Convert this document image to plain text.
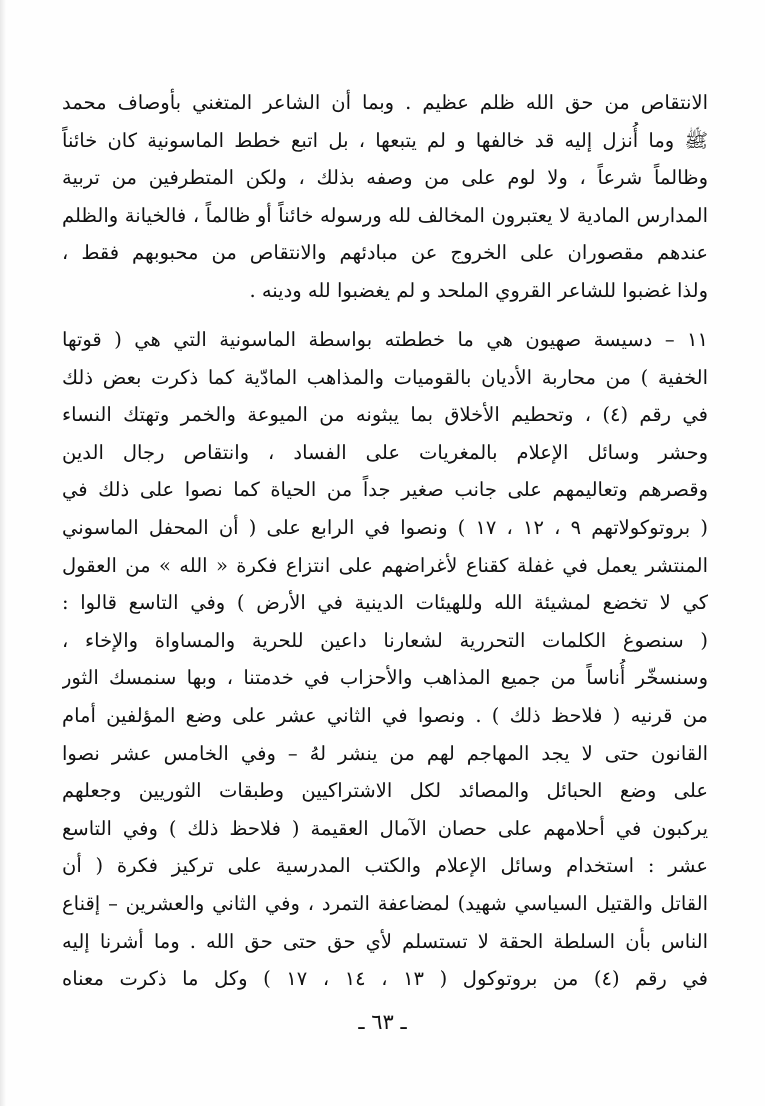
الانتقاص من حق الله ظلم عظيم . وبما أن الشاعر المتغني بأوصاف محمد
ﷺ وما أُنزل إليه قد خالفها و لم يتبعها ، بل اتبع خطط الماسونية كان خائناً
وظالماً شرعاً ، ولا لوم على من وصفه بذلك ، ولكن المتطرفين من تربية
المدارس المادية لا يعتبرون المخالف لله ورسوله خائناً أو ظالماً ، فالخيانة والظلم
عندهم مقصوران على الخروج عن مبادئهم والانتقاص من محبوبهم فقط ،
ولذا غضبوا للشاعر القروي الملحد و لم يغضبوا لله ودينه .
١١ – دسيسة صهيون هي ما خططته بواسطة الماسونية التي هي ( قوتها
الخفية ) من محاربة الأديان بالقوميات والمذاهب المادّية كما ذكرت بعض ذلك
في رقم (٤) ، وتحطيم الأخلاق بما يبثونه من الميوعة والخمر وتهتك النساء
وحشر وسائل الإعلام بالمغريات على الفساد ، وانتقاص رجال الدين
وقصرهم وتعاليمهم على جانب صغير جداً من الحياة كما نصوا على ذلك في
( بروتوكولاتهم ٩ ، ١٢ ، ١٧ ) ونصوا في الرابع على ( أن المحفل الماسوني
المنتشر يعمل في غفلة كقناع لأغراضهم على انتزاع فكرة « الله » من العقول
كي لا تخضع لمشيئة الله وللهيئات الدينية في الأرض ) وفي التاسع قالوا :
( سنصوغ الكلمات التحررية لشعارنا داعين للحرية والمساواة والإخاء ،
وسنسخّر أُناساً من جميع المذاهب والأحزاب في خدمتنا ، وبها سنمسك الثور
من قرنيه ( فلاحظ ذلك ) . ونصوا في الثاني عشر على وضع المؤلفين أمام
القانون حتى لا يجد المهاجم لهم من ينشر لهُ – وفي الخامس عشر نصوا
على وضع الحبائل والمصائد لكل الاشتراكيين وطبقات الثوريين وجعلهم
يركبون في أحلامهم على حصان الآمال العقيمة ( فلاحظ ذلك ) وفي التاسع
عشر : استخدام وسائل الإعلام والكتب المدرسية على تركيز فكرة ( أن
القاتل والقتيل السياسي شهيد) لمضاعفة التمرد ، وفي الثاني والعشرين – إقناع
الناس بأن السلطة الحقة لا تستسلم لأي حق حتى حق الله . وما أشرنا إليه
في رقم (٤) من بروتوكول ( ١٣ ، ١٤ ، ١٧ ) وكل ما ذكرت معناه
ـ ٦٣ ـ
